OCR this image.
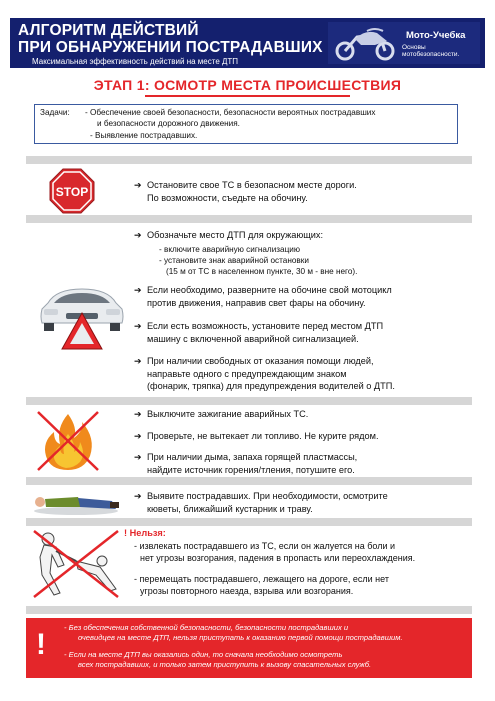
АЛГОРИТМ ДЕЙСТВИЙ
ПРИ ОБНАРУЖЕНИИ ПОСТРАДАВШИХ
Максимальная эффективность действий на месте ДТП
Мото-Учебка
Основы мотобезопасности.
ЭТАП 1: ОСМОТР МЕСТА ПРОИСШЕСТВИЯ
Задачи: - Обеспечение своей безопасности, безопасности вероятных пострадавших
и безопасности дорожного движения.
- Выявление пострадавших.
STOP	➔ Остановите свое ТС в безопасном месте дороги.
По возможности, съедьте на обочину.
➔ Обозначьте место ДТП для окружающих:
- включите аварийную сигнализацию
- установите знак аварийной остановки
(15 м от ТС в населенном пункте, 30 м - вне него).
➔ Если необходимо, разверните на обочине свой мотоцикл
против движения, направив свет фары на обочину.
➔ Если есть возможность, установите перед местом ДТП
машину с включенной аварийной сигнализацией.
➔ При наличии свободных от оказания помощи людей,
направьте одного с предупреждающим знаком
(фонарик, тряпка) для предупреждения водителей о ДТП.
➔ Выключите зажигание аварийных ТС.
➔ Проверьте, не вытекает ли топливо. Не курите рядом.
➔ При наличии дыма, запаха горящей пластмассы,
найдите источник горения/тления, потушите его.
➔ Выявите пострадавших. При необходимости, осмотрите
кюветы, ближайший кустарник и траву.
! Нельзя:
- извлекать пострадавшего из ТС, если он жалуется на боли и
нет угрозы возгорания, падения в пропасть или переохлаждения.
- перемещать пострадавшего, лежащего на дороге, если нет
угрозы повторного наезда, взрыва или возгорания.
!
- Без обеспечения собственной безопасности, безопасности пострадавших и
очевидцев на месте ДТП, нельзя приступать к оказанию первой помощи пострадавшим.
- Если на месте ДТП вы оказались один, то сначала необходимо осмотреть
всех пострадавших, и только затем приступить к вызову спасательных служб.
